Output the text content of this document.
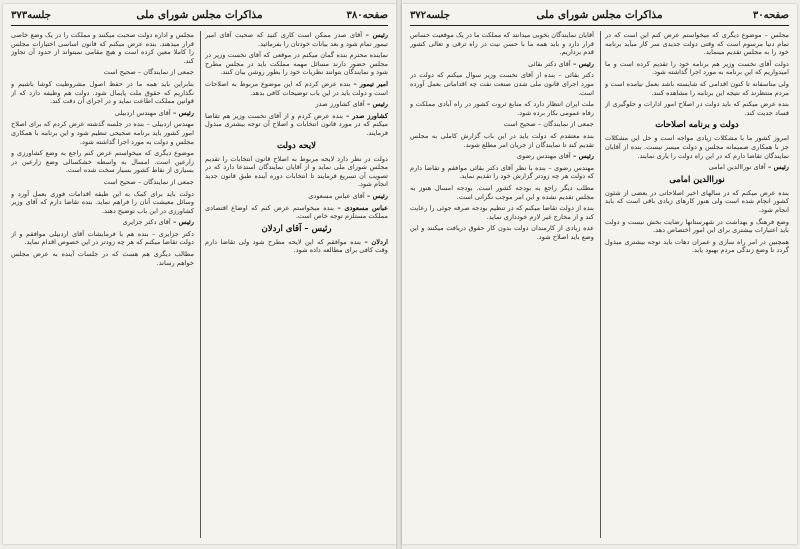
صفحه۳۸۰
مذاکرات مجلس شورای ملی
جلسه۳۷۳

رئیس – آقای صدر ممکن است کاری کنید که صحبت آقای امیر تیمور تمام شود و بعد بیانات خودتان را بفرمائید.

نماینده محترم بنده گمان میکنم در موقعی که آقای نخست وزیر در مجلس حضور دارند مسائل مهمه مملکت باید در مجلس مطرح شود و نمایندگان بتوانند نظریات خود را بطور روشن بیان کنند.

امیر تیمور – بنده عرض کردم که این موضوع مربوط به اصلاحات است و دولت باید در این باب توضیحات کافی بدهد.

رئیس – آقای کشاورز صدر

کشاورز صدر – بنده عرض کردم و از آقای نخست وزیر هم تقاضا میکنم که در مورد قانون انتخابات و اصلاح آن توجه بیشتری مبذول فرمایند.

لایحه دولت

دولت در نظر دارد لایحه مربوط به اصلاح قانون انتخابات را تقدیم مجلس شورای ملی نماید و از آقایان نمایندگان استدعا دارد که در تصویب آن تسریع فرمایند تا انتخابات دوره آینده طبق قانون جدید انجام شود.

رئیس – آقای عباس مسعودی

عباس مسعودی – بنده میخواستم عرض کنم که اوضاع اقتصادی مملکت مستلزم توجه خاص است.

رئیس – آقای اردلان

اردلان – بنده موافقم که این لایحه مطرح شود ولی تقاضا دارم وقت کافی برای مطالعه داده شود.

مجلس و اداره دولت صحبت میکنند و مملکت را در یک وضع خاصی قرار میدهند. بنده عرض میکنم که قانون اساسی اختیارات مجلس را کاملا معین کرده است و هیچ مقامی نمیتواند از حدود آن تجاوز کند.

جمعی از نمایندگان – صحیح است

بنابراین باید همه ما در حفظ اصول مشروطیت کوشا باشیم و نگذاریم که حقوق ملت پایمال شود. دولت هم وظیفه دارد که از قوانین مملکت اطاعت نماید و در اجرای آن دقت کند.

رئیس – آقای مهندس اردبیلی

مهندس اردبیلی – بنده در جلسه گذشته عرض کردم که برای اصلاح امور کشور باید برنامه صحیحی تنظیم شود و این برنامه با همکاری مجلس و دولت به مورد اجرا گذاشته شود.

موضوع دیگری که میخواستم عرض کنم راجع به وضع کشاورزی و زارعین است. امسال به واسطه خشکسالی وضع زارعین در بسیاری از نقاط کشور بسیار سخت شده است.

جمعی از نمایندگان – صحیح است

دولت باید برای کمک به این طبقه اقدامات فوری بعمل آورد و وسائل معیشت آنان را فراهم نماید. بنده تقاضا دارم که آقای وزیر کشاورزی در این باب توضیح دهند.

رئیس – آقای دکتر جزایری

دکتر جزایری – بنده هم با فرمایشات آقای اردبیلی موافقم و از دولت تقاضا میکنم که هر چه زودتر در این خصوص اقدام نماید.

مطالب دیگری هم هست که در جلسات آینده به عرض مجلس خواهم رساند.

صفحه۳۰
مذاکرات مجلس شورای ملی
جلسه۳۷۲

مجلس – موضوع دیگری که میخواستم عرض کنم این است که در تمام دنیا مرسوم است که وقتی دولت جدیدی سر کار میآید برنامه خود را به مجلس تقدیم مینماید.

دولت آقای نخست وزیر هم برنامه خود را تقدیم کرده است و ما امیدواریم که این برنامه به مورد اجرا گذاشته شود.

ولی متاسفانه تا کنون اقدامی که شایسته باشد بعمل نیامده است و مردم منتظرند که نتیجه این برنامه را مشاهده کنند.

بنده عرض میکنم که باید دولت در اصلاح امور ادارات و جلوگیری از فساد جدیت کند.

دولت و برنامه اصلاحات

امروز کشور ما با مشکلات زیادی مواجه است و حل این مشکلات جز با همکاری صمیمانه مجلس و دولت میسر نیست. بنده از آقایان نمایندگان تقاضا دارم که در این راه دولت را یاری نمایند.

رئیس – آقای نوراالدین امامی

نوراالدین امامی

بنده عرض میکنم که در سالهای اخیر اصلاحاتی در بعضی از شئون کشور انجام شده است ولی هنوز کارهای زیادی باقی است که باید انجام شود.

وضع فرهنگ و بهداشت در شهرستانها رضایت بخش نیست و دولت باید اعتبارات بیشتری برای این امور اختصاص دهد.

همچنین در امر راه سازی و عمران دهات باید توجه بیشتری مبذول گردد تا وضع زندگی مردم بهبود یابد.

آقایان نمایندگان بخوبی میدانند که مملکت ما در یک موقعیت حساس قرار دارد و باید همه ما با حسن نیت در راه ترقی و تعالی کشور قدم برداریم.

رئیس – آقای دکتر بقائی

دکتر بقائی – بنده از آقای نخست وزیر سوال میکنم که دولت در مورد اجرای قانون ملی شدن صنعت نفت چه اقداماتی بعمل آورده است.

ملت ایران انتظار دارد که منابع ثروت کشور در راه آبادی مملکت و رفاه عمومی بکار برده شود.

جمعی از نمایندگان – صحیح است

بنده معتقدم که دولت باید در این باب گزارش کاملی به مجلس تقدیم کند تا نمایندگان از جریان امر مطلع شوند.

رئیس – آقای مهندس رضوی

مهندس رضوی – بنده با نظر آقای دکتر بقائی موافقم و تقاضا دارم که دولت هر چه زودتر گزارش خود را تقدیم نماید.

مطلب دیگر راجع به بودجه کشور است. بودجه امسال هنوز به مجلس تقدیم نشده و این امر موجب نگرانی است.

بنده از دولت تقاضا میکنم که در تنظیم بودجه صرفه جوئی را رعایت کند و از مخارج غیر لازم خودداری نماید.

عده زیادی از کارمندان دولت بدون کار حقوق دریافت میکنند و این وضع باید اصلاح شود.
